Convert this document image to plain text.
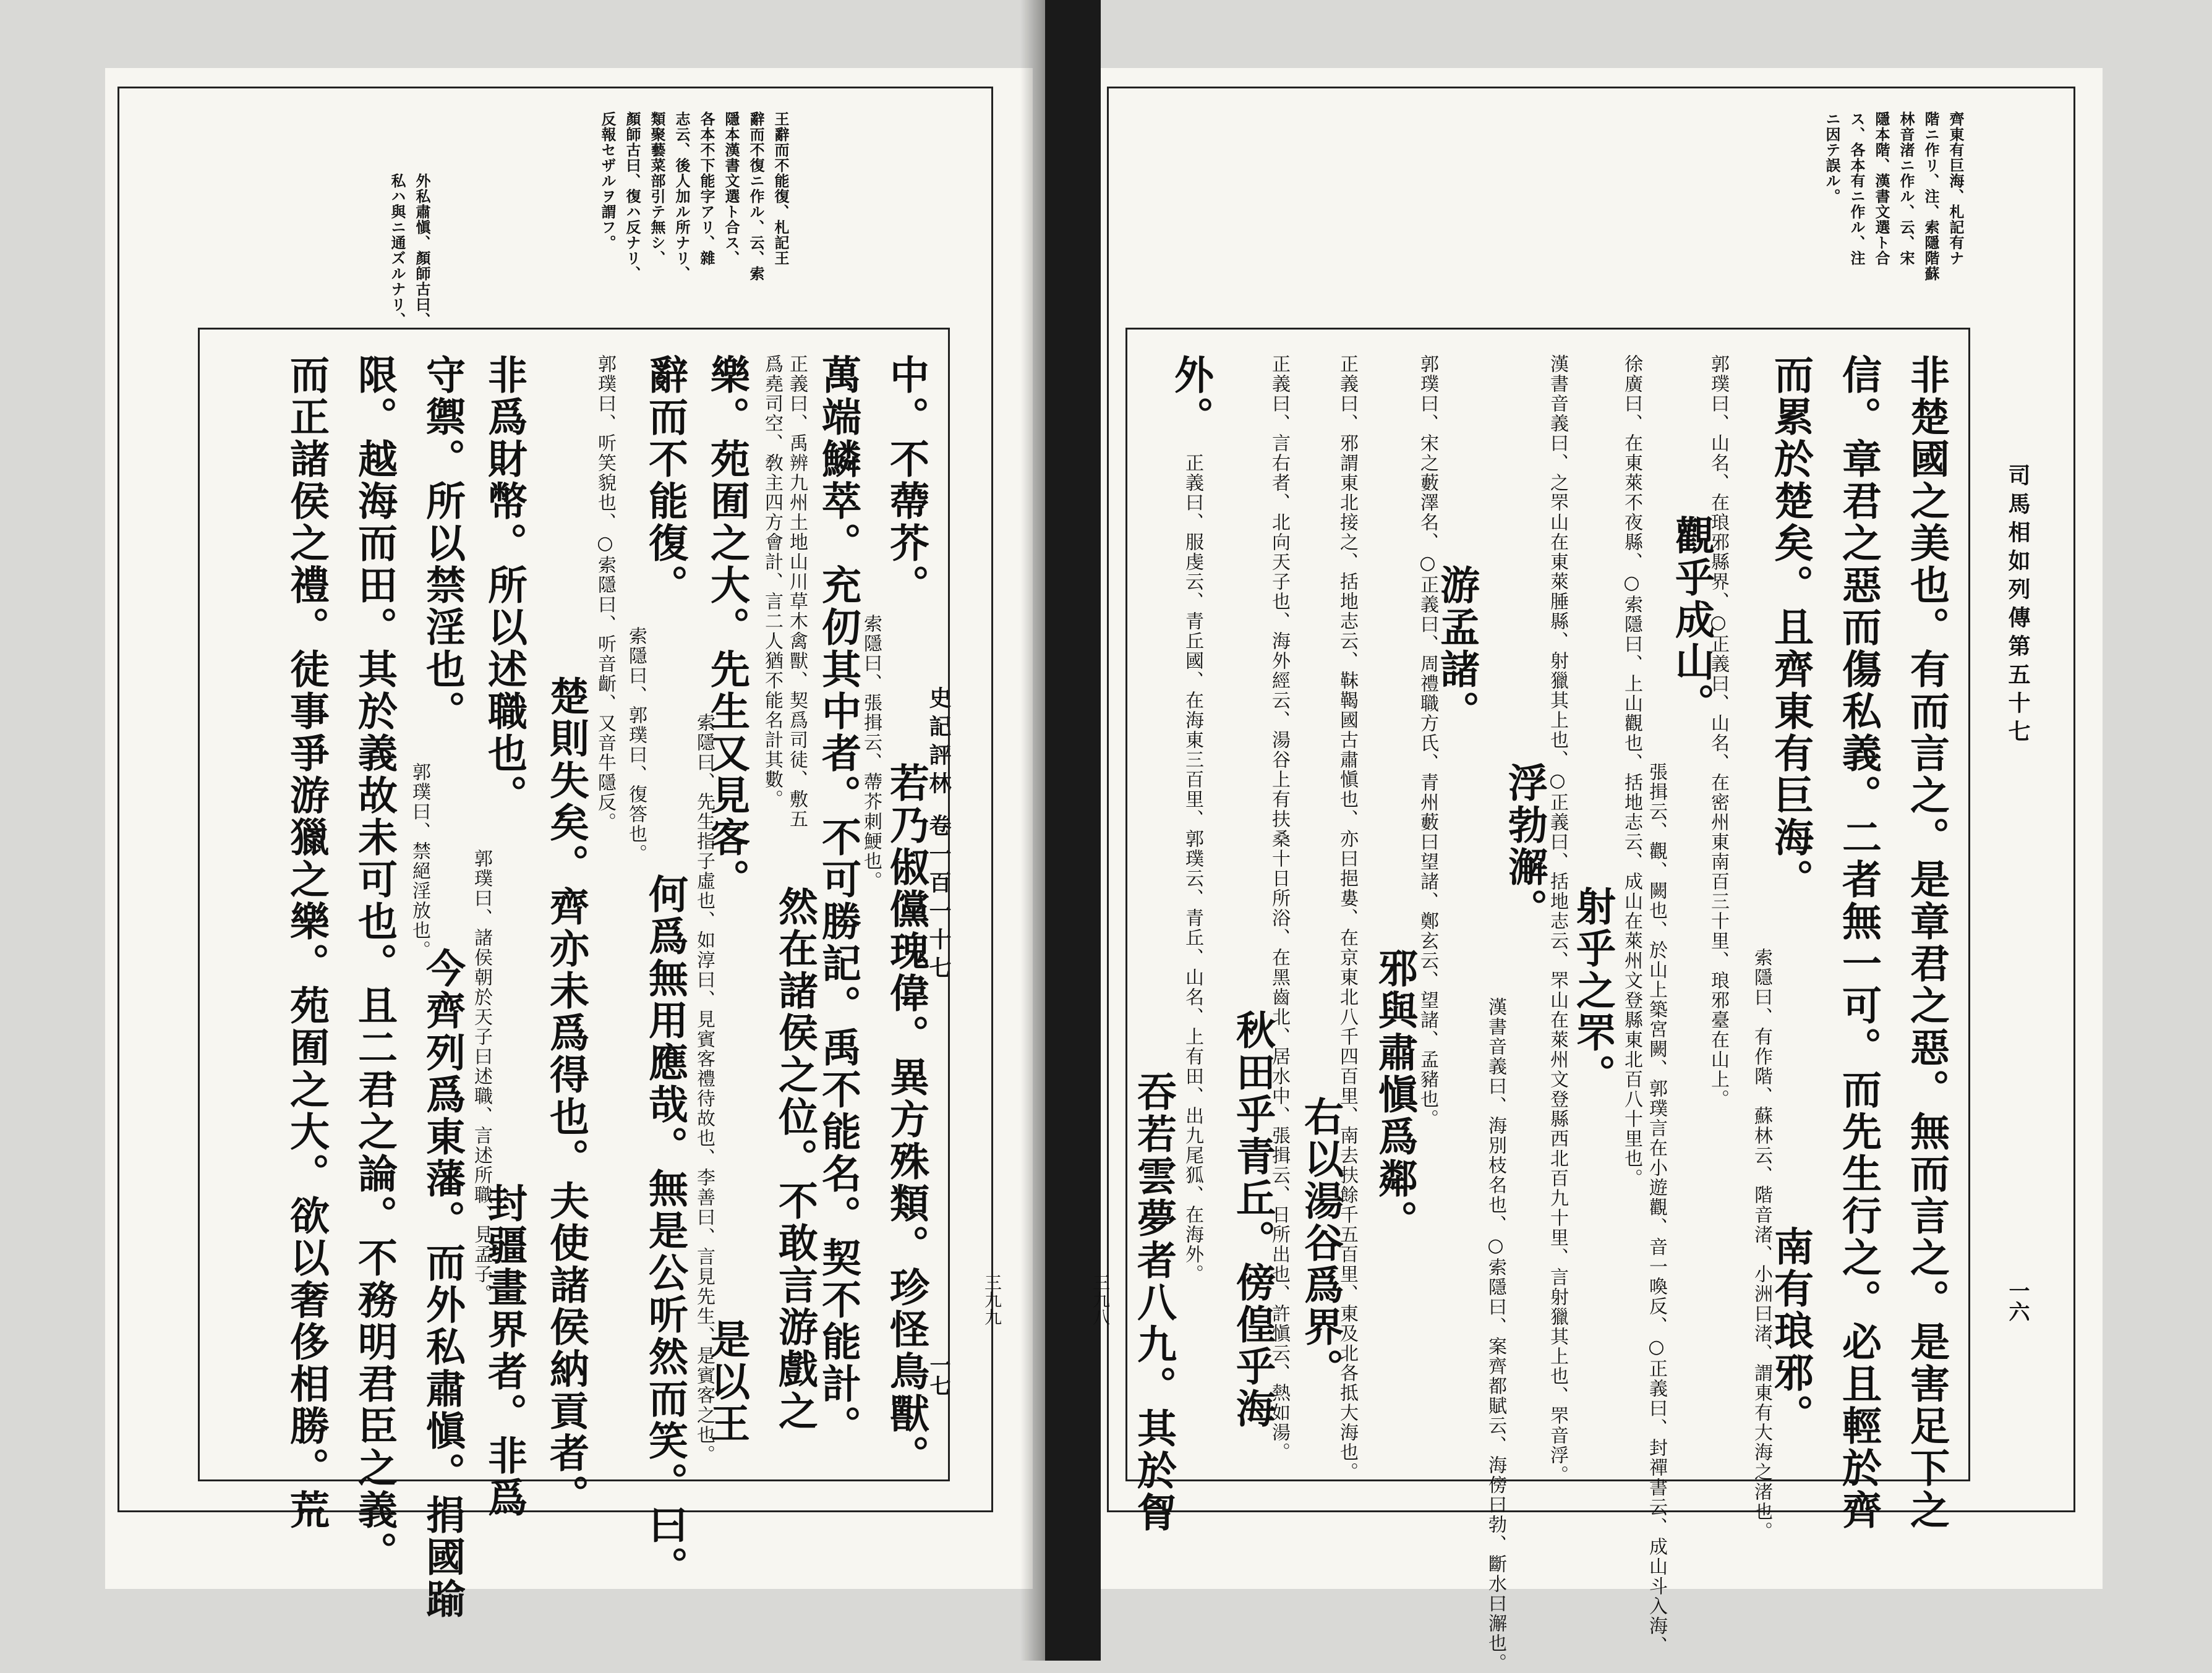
史記評林 卷一百一十七
一七
三九九
王辭而不能復、札記王
辭而不復ニ作ル、云、索
隱本漢書文選ト合ス、
各本不下能字アリ、雜
志云、後人加ル所ナリ、
類聚藝菜部引テ無シ、
顏師古曰、復ハ反ナリ、
反報セザルヲ謂フ。
外私肅愼、顏師古曰、
私ハ與ニ通ズルナリ、
中。不蔕芥。
索隱曰、張揖云、蔕芥刺鯁也。
若乃俶儻瑰偉。異方殊類。珍怪鳥獸。
萬端鱗萃。充仞其中者。不可勝記。禹不能名。契不能計。
正義曰、禹辨九州土地山川草木禽獸、契爲司徒、敷五
爲堯司空、敎主四方會計、言二人猶不能名計其數。
然在諸侯之位。不敢言游戲之
樂。苑囿之大。先生又見客。
索隱曰、先生指子虛也、如淳曰、見賓客禮待故也、李善曰、言見先生、是賓客之也。
是以王
辭而不能復。
索隱曰、郭璞曰、復答也。
何爲無用應哉。無是公听然而笑。曰。
郭璞曰、听笑貌也、○索隱曰、听音齗、又音牛隱反。
楚則失矣。齊亦未爲得也。夫使諸侯納貢者。
非爲財幣。所以述職也。
郭璞曰、諸侯朝於天子曰述職、言述所職、見孟子。
封疆畫界者。非爲
守禦。所以禁淫也。
郭璞曰、禁絕淫放也。
今齊列爲東藩。而外私肅愼。捐國踰
限。越海而田。其於義故未可也。且二君之論。不務明君臣之義。
而正諸侯之禮。徒事爭游獵之樂。苑囿之大。欲以奢侈相勝。荒	司馬相如列傳第五十七
一六
三九八
齊東有巨海、札記有ナ
階ニ作リ、注、索隱階蘇
林音渚ニ作ル、云、宋
隱本階、漢書文選ト合
ス、各本有ニ作ル、注
ニ因テ誤ル。
非楚國之美也。有而言之。是章君之惡。無而言之。是害足下之
信。章君之惡而傷私義。二者無一可。而先生行之。必且輕於齊
而累於楚矣。且齊東有巨海。
索隱曰、有作階、蘇林云、階音渚、小洲曰渚、謂東有大海之渚也。
南有琅邪。
郭璞曰、山名、在琅邪縣界、○正義曰、山名、在密州東南百三十里、琅邪臺在山上。
觀乎成山。
張揖云、觀、闕也、於山上築宮闕、郭璞言在小遊觀、音一喚反、○正義曰、封禪書云、成山斗入海、
徐廣曰、在東萊不夜縣、○索隱曰、上山觀也、括地志云、成山在萊州文登縣東北百八十里也。
射乎之罘。
漢書音義曰、之罘山在東萊腄縣、射獵其上也、○正義曰、括地志云、罘山在萊州文登縣西北百九十里、言射獵其上也、罘音浮。
浮勃澥。
漢書音義曰、海別枝名也、○索隱曰、案齊都賦云、海傍曰勃、斷水曰澥也。
游孟諸。
郭璞曰、宋之藪澤名、○正義曰、周禮職方氏、青州藪曰望諸、鄭玄云、望諸、孟豬也。
邪與肅愼爲鄰。
正義曰、邪謂東北接之、括地志云、靺鞨國古肅愼也、亦曰挹婁、在京東北八千四百里、南去扶餘千五百里、東及北各抵大海也。
右以湯谷爲界。
正義曰、言右者、北向天子也、海外經云、湯谷上有扶桑十日所浴、在黑齒北、居水中、張揖云、日所出也、許愼云、熱如湯。
秋田乎青丘。傍偟乎海
外。
正義曰、服虔云、青丘國、在海東三百里、郭璞云、青丘、山名、上有田、出九尾狐、在海外。
吞若雲夢者八九。其於胷
